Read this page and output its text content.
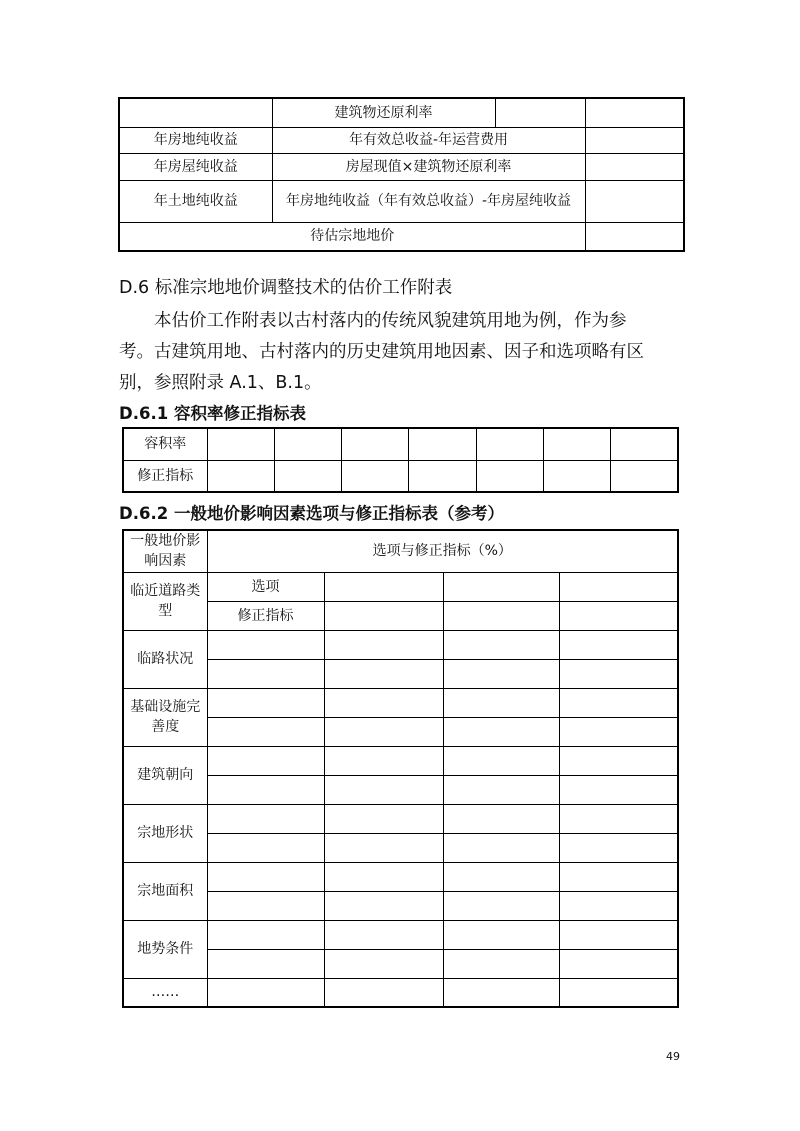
	建筑物还原利率		
年房地纯收益	年有效总收益-年运营费用		
年房屋纯收益	房屋现值×建筑物还原利率		
年土地纯收益	年房地纯收益（年有效总收益）-年房屋纯收益		
待估宗地地价			
D.6 标准宗地地价调整技术的估价工作附表
本估价工作附表以古村落内的传统风貌建筑用地为例，作为参
考。古建筑用地、古村落内的历史建筑用地因素、因子和选项略有区
别，参照附录 A.1、B.1。
D.6.1 容积率修正指标表
容积率							
修正指标							
D.6.2 一般地价影响因素选项与修正指标表（参考）
一般地价影响因素	选项与修正指标（%）			
临近道路类型	选项			
	修正指标			
临路状况				

基础设施完善度				

建筑朝向				

宗地形状				

宗地面积				

地势条件				

……				
49
